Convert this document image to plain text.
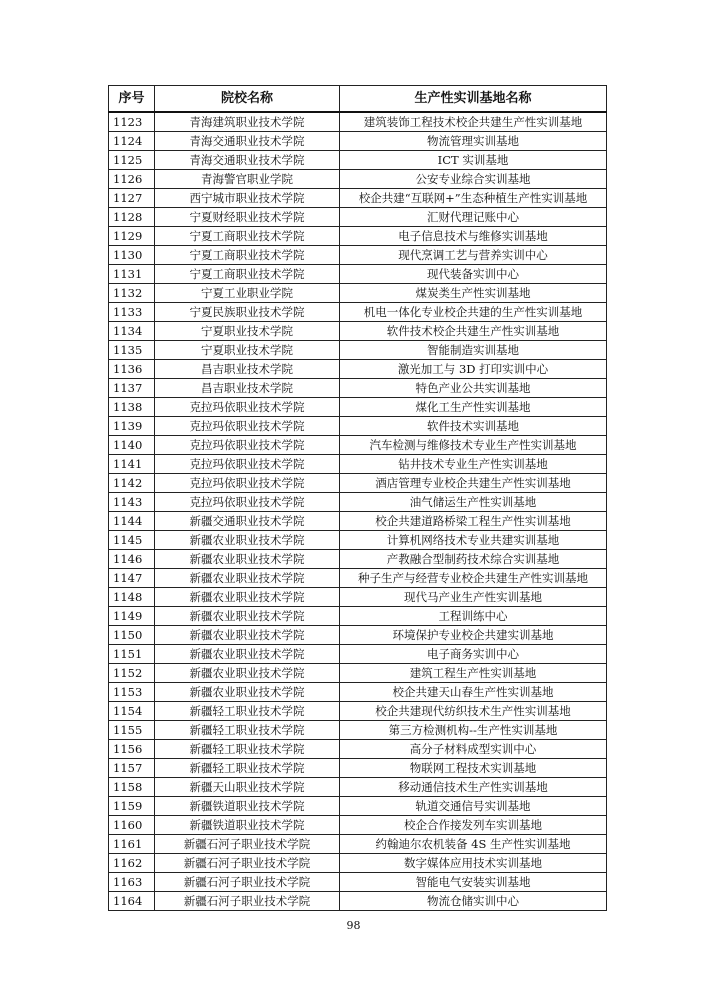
序号	院校名称	生产性实训基地名称
1123	青海建筑职业技术学院	建筑装饰工程技术校企共建生产性实训基地
1124	青海交通职业技术学院	物流管理实训基地
1125	青海交通职业技术学院	ICT 实训基地
1126	青海警官职业学院	公安专业综合实训基地
1127	西宁城市职业技术学院	校企共建“互联网+”生态种植生产性实训基地
1128	宁夏财经职业技术学院	汇财代理记账中心
1129	宁夏工商职业技术学院	电子信息技术与维修实训基地
1130	宁夏工商职业技术学院	现代烹调工艺与营养实训中心
1131	宁夏工商职业技术学院	现代装备实训中心
1132	宁夏工业职业学院	煤炭类生产性实训基地
1133	宁夏民族职业技术学院	机电一体化专业校企共建的生产性实训基地
1134	宁夏职业技术学院	软件技术校企共建生产性实训基地
1135	宁夏职业技术学院	智能制造实训基地
1136	昌吉职业技术学院	激光加工与 3D 打印实训中心
1137	昌吉职业技术学院	特色产业公共实训基地
1138	克拉玛依职业技术学院	煤化工生产性实训基地
1139	克拉玛依职业技术学院	软件技术实训基地
1140	克拉玛依职业技术学院	汽车检测与维修技术专业生产性实训基地
1141	克拉玛依职业技术学院	钻井技术专业生产性实训基地
1142	克拉玛依职业技术学院	酒店管理专业校企共建生产性实训基地
1143	克拉玛依职业技术学院	油气储运生产性实训基地
1144	新疆交通职业技术学院	校企共建道路桥梁工程生产性实训基地
1145	新疆农业职业技术学院	计算机网络技术专业共建实训基地
1146	新疆农业职业技术学院	产教融合型制药技术综合实训基地
1147	新疆农业职业技术学院	种子生产与经营专业校企共建生产性实训基地
1148	新疆农业职业技术学院	现代马产业生产性实训基地
1149	新疆农业职业技术学院	工程训练中心
1150	新疆农业职业技术学院	环境保护专业校企共建实训基地
1151	新疆农业职业技术学院	电子商务实训中心
1152	新疆农业职业技术学院	建筑工程生产性实训基地
1153	新疆农业职业技术学院	校企共建天山春生产性实训基地
1154	新疆轻工职业技术学院	校企共建现代纺织技术生产性实训基地
1155	新疆轻工职业技术学院	第三方检测机构--生产性实训基地
1156	新疆轻工职业技术学院	高分子材料成型实训中心
1157	新疆轻工职业技术学院	物联网工程技术实训基地
1158	新疆天山职业技术学院	移动通信技术生产性实训基地
1159	新疆铁道职业技术学院	轨道交通信号实训基地
1160	新疆铁道职业技术学院	校企合作接发列车实训基地
1161	新疆石河子职业技术学院	约翰迪尔农机装备 4S 生产性实训基地
1162	新疆石河子职业技术学院	数字媒体应用技术实训基地
1163	新疆石河子职业技术学院	智能电气安装实训基地
1164	新疆石河子职业技术学院	物流仓储实训中心
98
